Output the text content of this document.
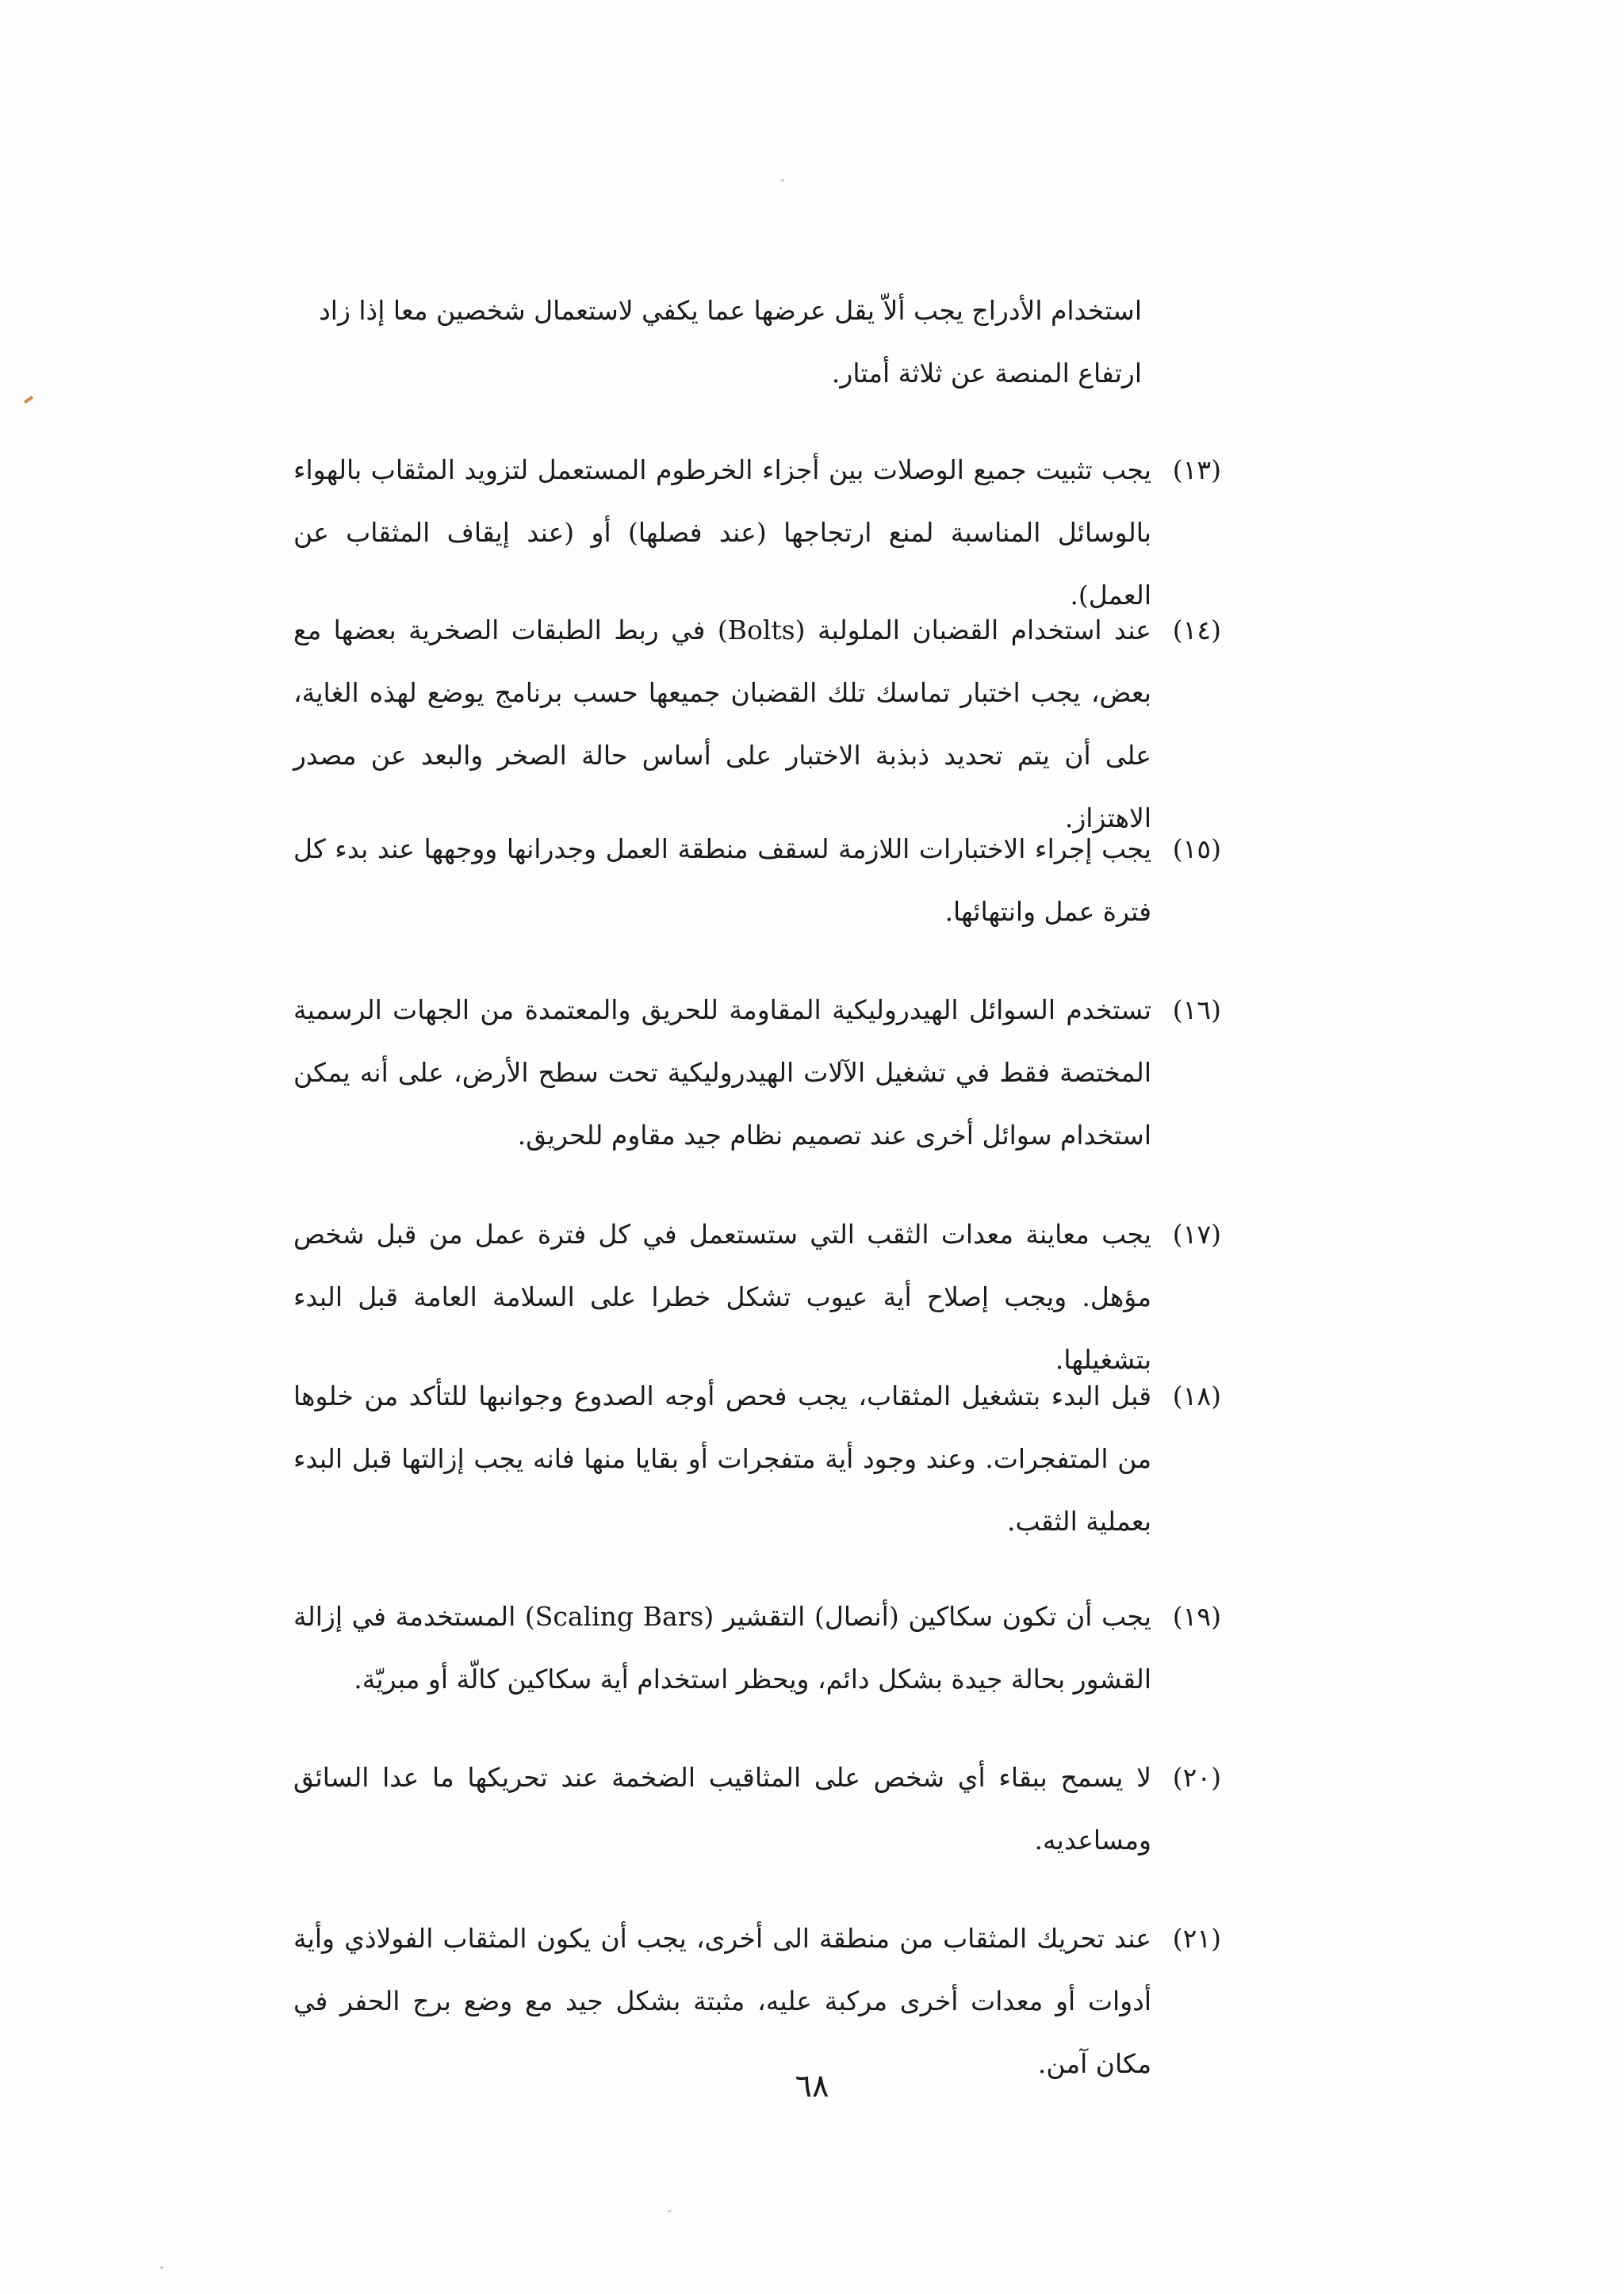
استخدام الأدراج يجب ألاّ يقل عرضها عما يكفي لاستعمال شخصين معا إذا زاد ارتفاع المنصة عن ثلاثة أمتار.
(١٣)
يجب تثبيت جميع الوصلات بين أجزاء الخرطوم المستعمل لتزويد المثقاب بالهواء بالوسائل المناسبة لمنع ارتجاجها (عند فصلها) أو (عند إيقاف المثقاب عن العمل).
(١٤)
عند استخدام القضبان الملولبة (Bolts) في ربط الطبقات الصخرية بعضها مع بعض، يجب اختبار تماسك تلك القضبان جميعها حسب برنامج يوضع لهذه الغاية، على أن يتم تحديد ذبذبة الاختبار على أساس حالة الصخر والبعد عن مصدر الاهتزاز.
(١٥)
يجب إجراء الاختبارات اللازمة لسقف منطقة العمل وجدرانها ووجهها عند بدء كل فترة عمل وانتهائها.
(١٦)
تستخدم السوائل الهيدروليكية المقاومة للحريق والمعتمدة من الجهات الرسمية المختصة فقط في تشغيل الآلات الهيدروليكية تحت سطح الأرض، على أنه يمكن استخدام سوائل أخرى عند تصميم نظام جيد مقاوم للحريق.
(١٧)
يجب معاينة معدات الثقب التي ستستعمل في كل فترة عمل من قبل شخص مؤهل. ويجب إصلاح أية عيوب تشكل خطرا على السلامة العامة قبل البدء بتشغيلها.
(١٨)
قبل البدء بتشغيل المثقاب، يجب فحص أوجه الصدوع وجوانبها للتأكد من خلوها من المتفجرات. وعند وجود أية متفجرات أو بقايا منها فانه يجب إزالتها قبل البدء بعملية الثقب.
(١٩)
يجب أن تكون سكاكين (أنصال) التقشير (Scaling Bars) المستخدمة في إزالة القشور بحالة جيدة بشكل دائم، ويحظر استخدام أية سكاكين كالّة أو مبريّة.
(٢٠)
لا يسمح ببقاء أي شخص على المثاقيب الضخمة عند تحريكها ما عدا السائق ومساعديه.
(٢١)
عند تحريك المثقاب من منطقة الى أخرى، يجب أن يكون المثقاب الفولاذي وأية أدوات أو معدات أخرى مركبة عليه، مثبتة بشكل جيد مع وضع برج الحفر في مكان آمن.
٦٨
